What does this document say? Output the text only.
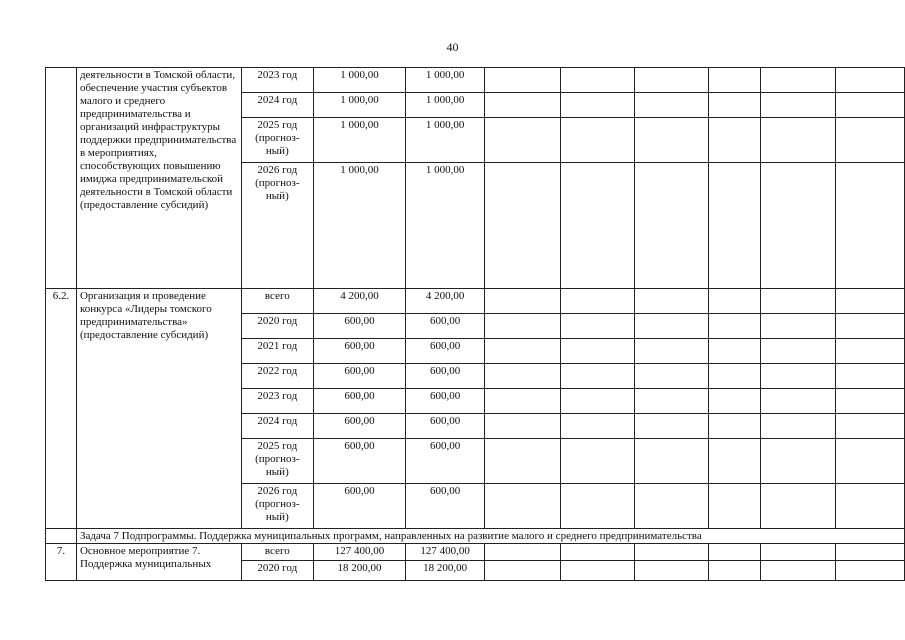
40
	деятельности в Томской области, обеспечение участия субъектов малого и среднего предпринимательства и организаций инфраструктуры поддержки предпринимательства в мероприятиях, способствующих повышению имиджа предпринимательской деятельности в Томской области (предоставление субсидий)	2023 год	1 000,00	1 000,00						
		2024 год	1 000,00	1 000,00						
		2025 год (прогноз-ный)	1 000,00	1 000,00						
		2026 год (прогноз-ный)	1 000,00	1 000,00						
6.2.	Организация и проведение конкурса «Лидеры томского предпринимательства» (предоставление субсидий)	всего	4 200,00	4 200,00						
		2020 год	600,00	600,00						
		2021 год	600,00	600,00						
		2022 год	600,00	600,00						
		2023 год	600,00	600,00						
		2024 год	600,00	600,00						
		2025 год (прогноз-ный)	600,00	600,00						
		2026 год (прогноз-ный)	600,00	600,00						
	Задача 7 Подпрограммы. Поддержка муниципальных программ, направленных на развитие малого и среднего предпринимательства									
7.	Основное мероприятие 7. Поддержка муниципальных	всего	127 400,00	127 400,00						
		2020 год	18 200,00	18 200,00						
